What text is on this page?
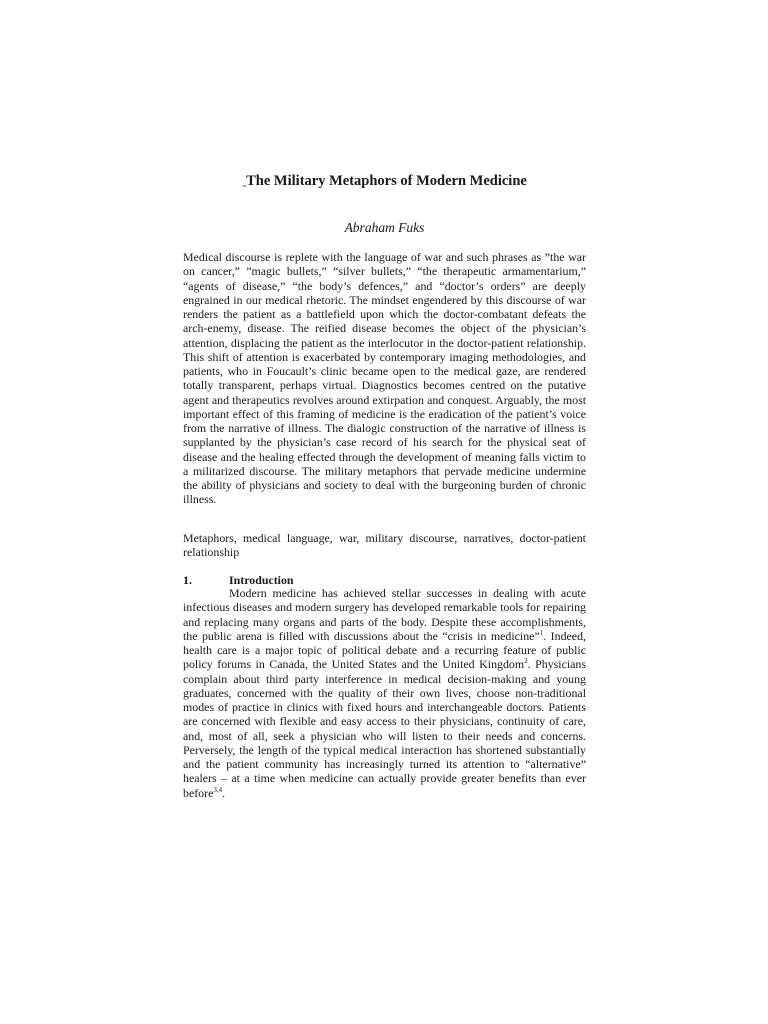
$_{▫▫}$The Military Metaphors of Modern Medicine
Abraham Fuks
Medical discourse is replete with the language of war and such phrases as ”the war on cancer,” ”magic bullets,” “silver bullets,” “the therapeutic armamentarium,” “agents of disease,” “the body’s defences,” and “doctor’s orders” are deeply engrained in our medical rhetoric. The mindset engendered by this discourse of war renders the patient as a battlefield upon which the doctor-combatant defeats the arch-enemy, disease. The reified disease becomes the object of the physician’s attention, displacing the patient as the interlocutor in the doctor-patient relationship. This shift of attention is exacerbated by contemporary imaging methodologies, and patients, who in Foucault’s clinic became open to the medical gaze, are rendered totally transparent, perhaps virtual. Diagnostics becomes centred on the putative agent and therapeutics revolves around extirpation and conquest. Arguably, the most important effect of this framing of medicine is the eradication of the patient’s voice from the narrative of illness. The dialogic construction of the narrative of illness is supplanted by the physician’s case record of his search for the physical seat of disease and the healing effected through the development of meaning falls victim to a militarized discourse. The military metaphors that pervade medicine undermine the ability of physicians and society to deal with the burgeoning burden of chronic illness.
Metaphors, medical language, war, military discourse, narratives, doctor-patient relationship
1.	Introduction
Modern medicine has achieved stellar successes in dealing with acute infectious diseases and modern surgery has developed remarkable tools for repairing and replacing many organs and parts of the body. Despite these accomplishments, the public arena is filled with discussions about the “crisis in medicine”$^1$. Indeed, health care is a major topic of political debate and a recurring feature of public policy forums in Canada, the United States and the United Kingdom$^2$. Physicians complain about third party interference in medical decision-making and young graduates, concerned with the quality of their own lives, choose non-traditional modes of practice in clinics with fixed hours and interchangeable doctors. Patients are concerned with flexible and easy access to their physicians, continuity of care, and, most of all, seek a physician who will listen to their needs and concerns. Perversely, the length of the typical medical interaction has shortened substantially and the patient community has increasingly turned its attention to “alternative” healers – at a time when medicine can actually provide greater benefits than ever before$^{3,4}$.
